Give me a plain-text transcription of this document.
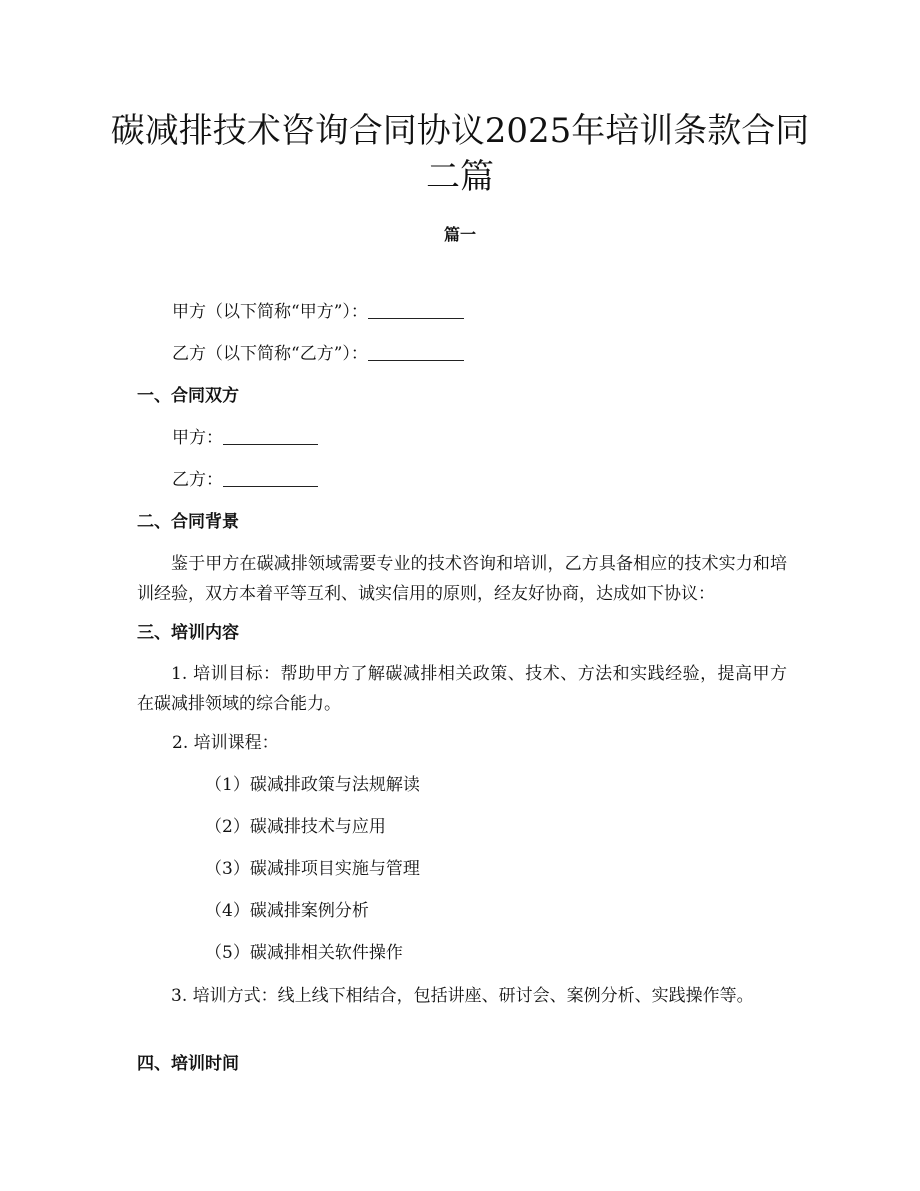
碳减排技术咨询合同协议2025年培训条款合同二篇
篇一
甲方（以下简称“甲方”）：
乙方（以下简称“乙方”）：
一、合同双方
甲方：
乙方：
二、合同背景

鉴于甲方在碳减排领域需要专业的技术咨询和培训，乙方具备相应的技术实力和培训经验，双方本着平等互利、诚实信用的原则，经友好协商，达成如下协议：

三、培训内容

1. 培训目标：帮助甲方了解碳减排相关政策、技术、方法和实践经验，提高甲方在碳减排领域的综合能力。

2. 培训课程：
（1）碳减排政策与法规解读
（2）碳减排技术与应用
（3）碳减排项目实施与管理
（4）碳减排案例分析
（5）碳减排相关软件操作

3. 培训方式：线上线下相结合，包括讲座、研讨会、案例分析、实践操作等。

四、培训时间
